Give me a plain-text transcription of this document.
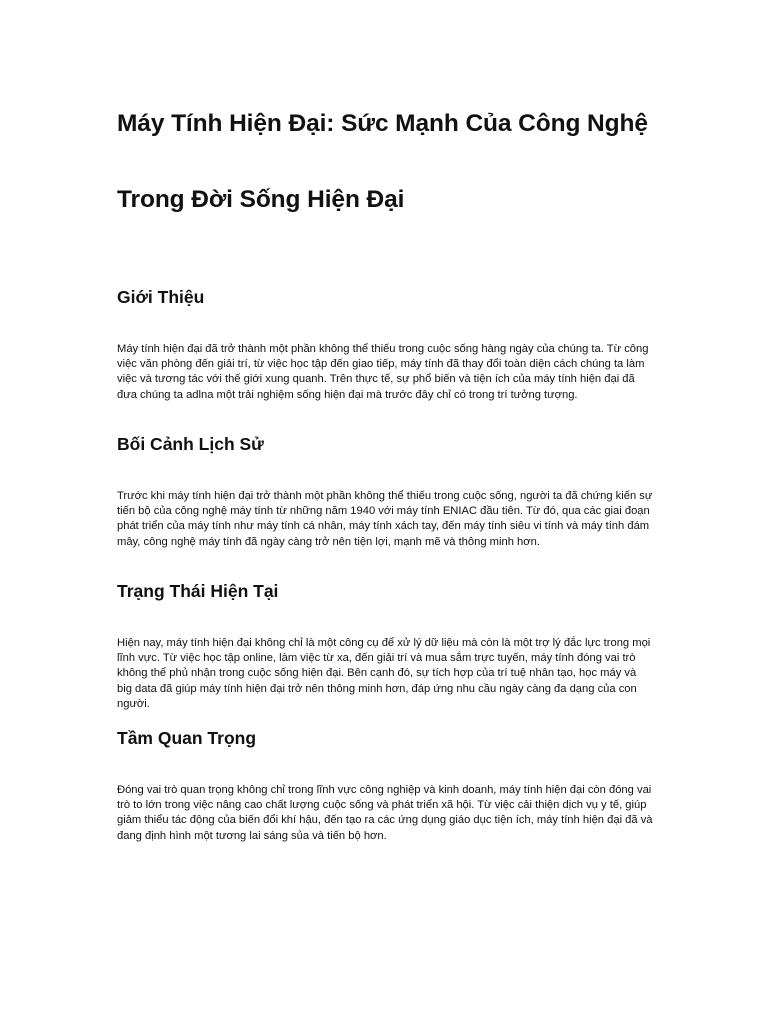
Máy Tính Hiện Đại: Sức Mạnh Của Công Nghệ
Trong Đời Sống Hiện Đại
Giới Thiệu

Máy tính hiện đại đã trở thành một phần không thể thiếu trong cuộc sống hàng ngày của chúng ta. Từ công việc văn phòng đến giải trí, từ việc học tập đến giao tiếp, máy tính đã thay đổi toàn diện cách chúng ta làm việc và tương tác với thế giới xung quanh. Trên thực tế, sự phổ biến và tiện ích của máy tính hiện đại đã đưa chúng ta adlna một trải nghiệm sống hiện đại mà trước đây chỉ có trong trí tưởng tượng.

Bối Cảnh Lịch Sử

Trước khi máy tính hiện đại trở thành một phần không thể thiếu trong cuộc sống, người ta đã chứng kiến sự tiến bộ của công nghệ máy tính từ những năm 1940 với máy tính ENIAC đầu tiên. Từ đó, qua các giai đoạn phát triển của máy tính như máy tính cá nhân, máy tính xách tay, đến máy tính siêu vi tính và máy tính đám mây, công nghệ máy tính đã ngày càng trở nên tiện lợi, mạnh mẽ và thông minh hơn.

Trạng Thái Hiện Tại

Hiện nay, máy tính hiện đại không chỉ là một công cụ để xử lý dữ liệu mà còn là một trợ lý đắc lực trong mọi lĩnh vực. Từ việc học tập online, làm việc từ xa, đến giải trí và mua sắm trực tuyến, máy tính đóng vai trò không thể phủ nhận trong cuộc sống hiện đại. Bên cạnh đó, sự tích hợp của trí tuệ nhân tạo, học máy và big data đã giúp máy tính hiện đại trở nên thông minh hơn, đáp ứng nhu cầu ngày càng đa dạng của con người.

Tầm Quan Trọng

Đóng vai trò quan trọng không chỉ trong lĩnh vực công nghiệp và kinh doanh, máy tính hiện đại còn đóng vai trò to lớn trong việc nâng cao chất lượng cuộc sống và phát triển xã hội. Từ việc cải thiện dịch vụ y tế, giúp giảm thiểu tác động của biến đổi khí hậu, đến tạo ra các ứng dụng giáo dục tiện ích, máy tính hiện đại đã và đang định hình một tương lai sáng sủa và tiến bộ hơn.
